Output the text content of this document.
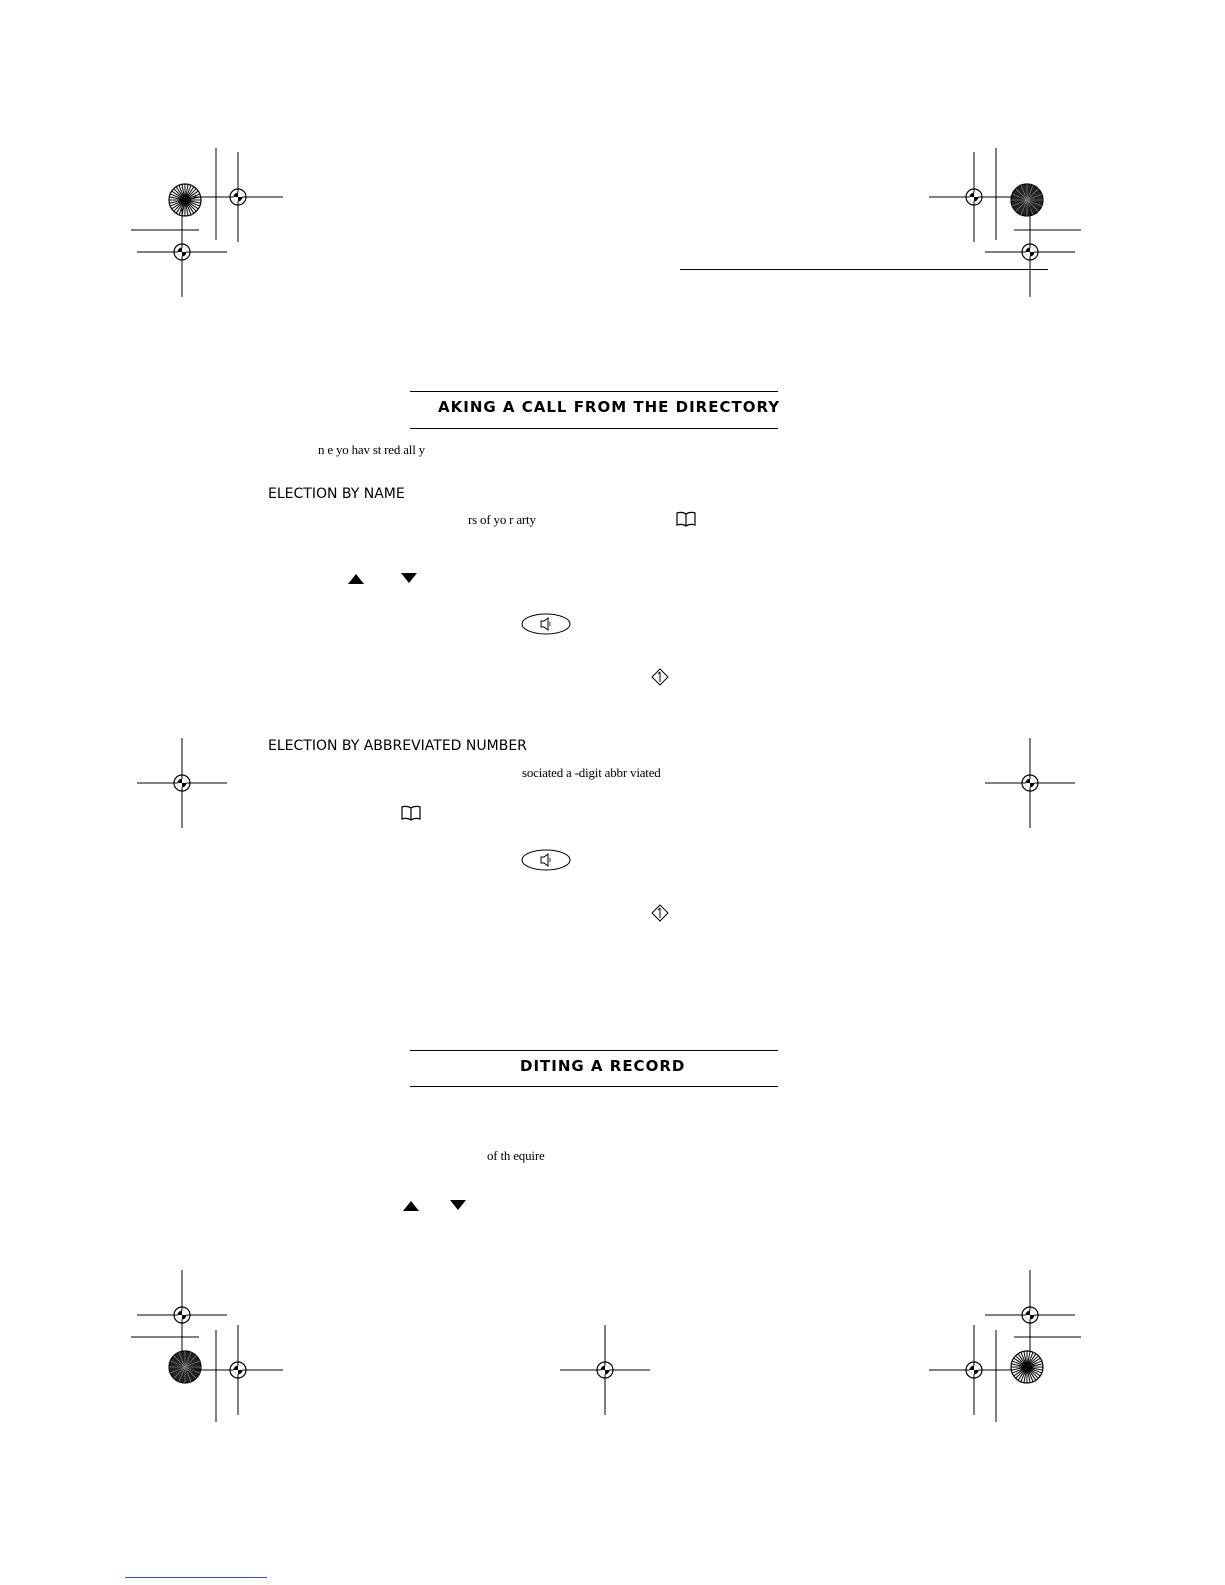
AKING A CALL FROM THE DIRECTORY
n e yo hav st red all y
ELECTION BY NAME
rs of yo r arty
ELECTION BY ABBREVIATED NUMBER
sociated a -digit abbr viated
DITING A RECORD
of th equire
